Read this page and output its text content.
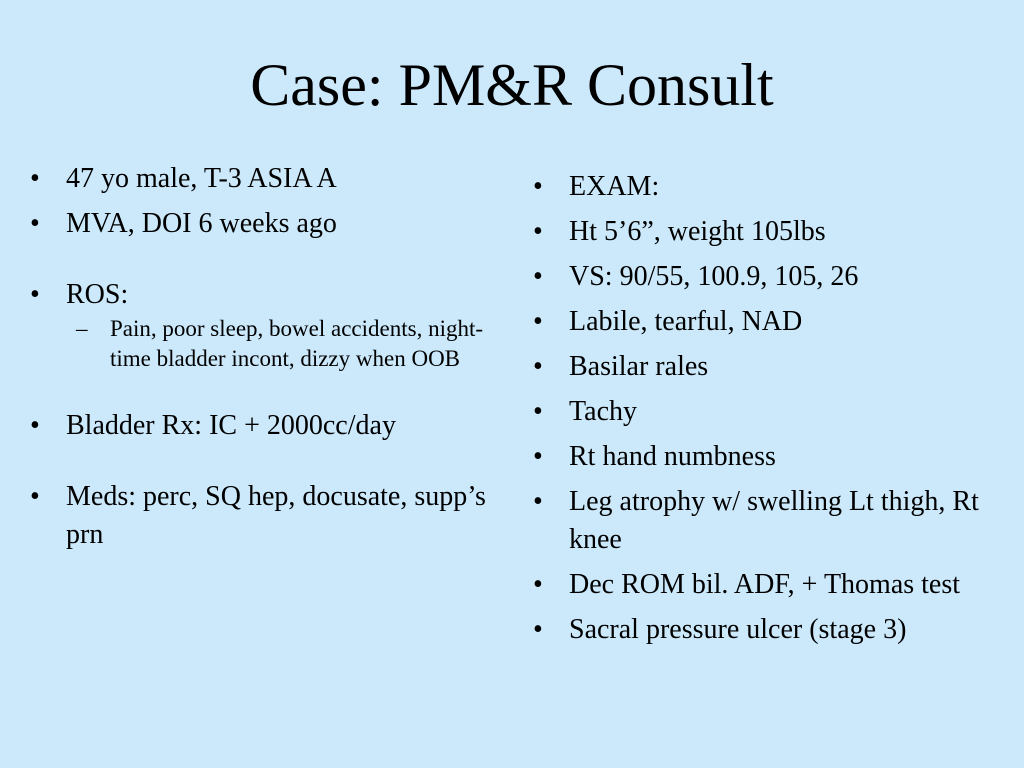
Case: PM&R Consult
• 47 yo male, T-3 ASIA A
• MVA, DOI 6 weeks ago
• ROS:
– Pain, poor sleep, bowel accidents, night-time bladder incont, dizzy when OOB
• Bladder Rx: IC + 2000cc/day
• Meds: perc, SQ hep, docusate, supp’s prn
• EXAM:
• Ht 5’6”, weight 105lbs
• VS: 90/55, 100.9, 105, 26
• Labile, tearful, NAD
• Basilar rales
• Tachy
• Rt hand numbness
• Leg atrophy w/ swelling Lt thigh, Rt knee
• Dec ROM bil. ADF, + Thomas test
• Sacral pressure ulcer (stage 3)
